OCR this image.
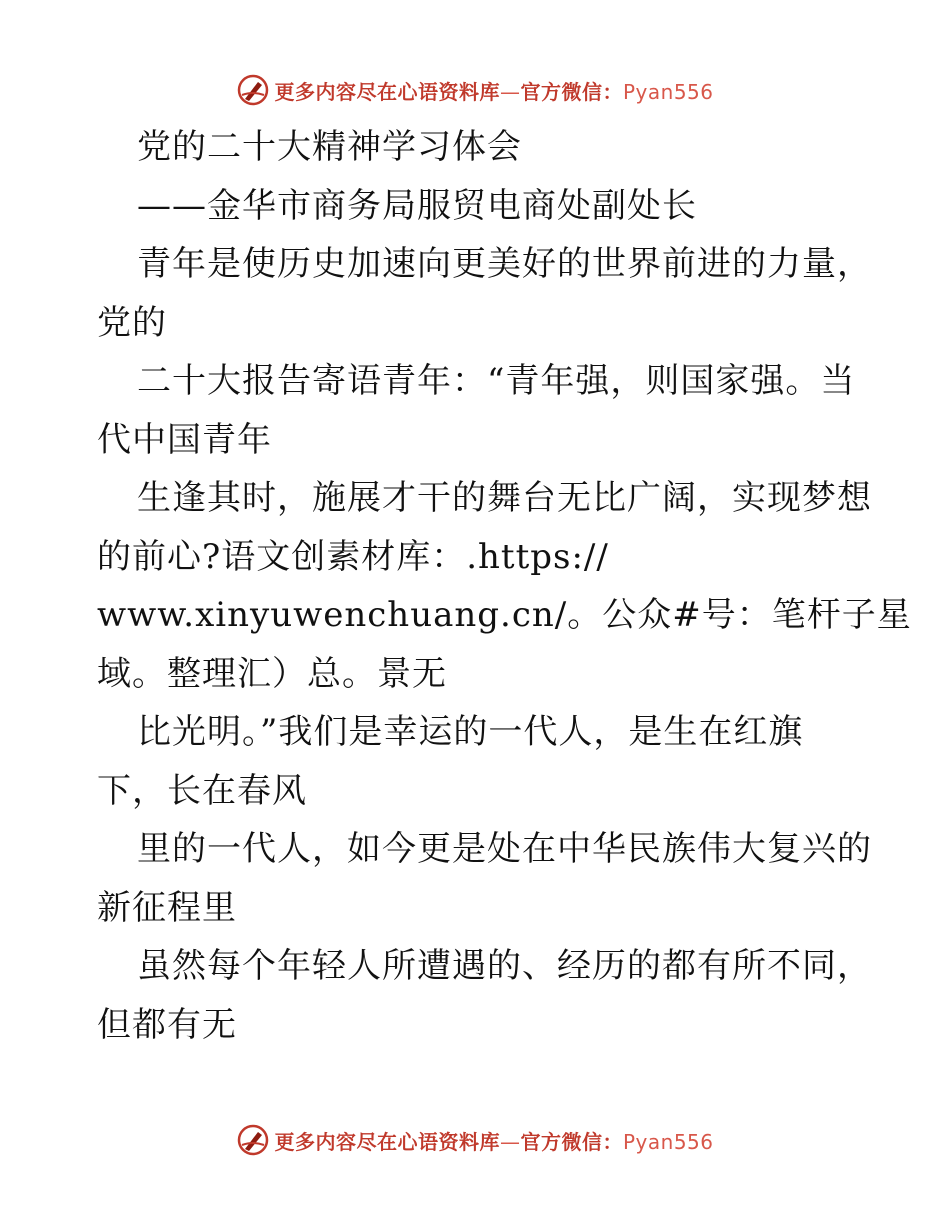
更多内容尽在心语资料库—官方微信：Pyan556
党的二十大精神学习体会
——金华市商务局服贸电商处副处长
青年是使历史加速向更美好的世界前进的力量，
党的
二十大报告寄语青年：“青年强，则国家强。当
代中国青年
生逢其时，施展才干的舞台无比广阔，实现梦想
的前心?语文创素材库：.https://
www.xinyuwenchuang.cn/。公众#号：笔杆子星
域。整理汇）总。景无
比光明。”我们是幸运的一代人，是生在红旗
下，长在春风
里的一代人，如今更是处在中华民族伟大复兴的
新征程里
虽然每个年轻人所遭遇的、经历的都有所不同，
但都有无
更多内容尽在心语资料库—官方微信：Pyan556
